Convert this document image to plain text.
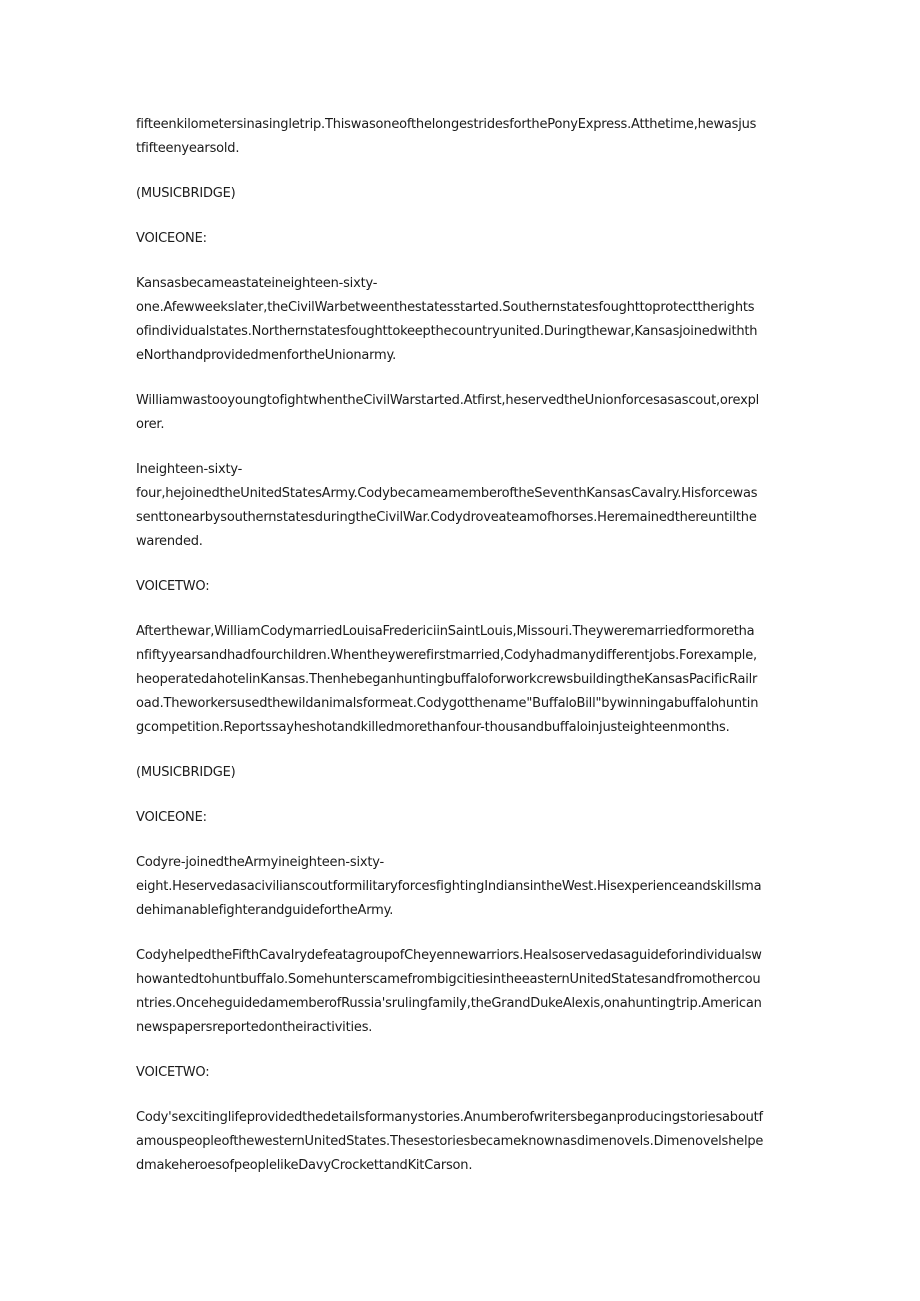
fifteenkilometersinasingletrip.ThiswasoneofthelongestridesforthePonyExpress.Atthetime,hewasjus
tfifteenyearsold.

(MUSICBRIDGE)

VOICEONE:

Kansasbecameastateineighteen-sixty-
one.Afewweekslater,theCivilWarbetweenthestatesstarted.Southernstatesfoughttoprotecttherights
ofindividualstates.Northernstatesfoughttokeepthecountryunited.Duringthewar,Kansasjoinedwithth
eNorthandprovidedmenfortheUnionarmy.

WilliamwastooyoungtofightwhentheCivilWarstarted.Atfirst,heservedtheUnionforcesasascout,orexpl
orer.

Ineighteen-sixty-
four,hejoinedtheUnitedStatesArmy.CodybecameamemberoftheSeventhKansasCavalry.Hisforcewas
senttonearbysouthernstatesduringtheCivilWar.Codydroveateamofhorses.Heremainedthereuntilthe
warended.

VOICETWO:

Afterthewar,WilliamCodymarriedLouisaFredericiinSaintLouis,Missouri.Theyweremarriedformoretha
nfiftyyearsandhadfourchildren.Whentheywerefirstmarried,Codyhadmanydifferentjobs.Forexample,
heoperatedahotelinKansas.ThenhebeganhuntingbuffaloforworkcrewsbuildingtheKansasPacificRailr
oad.Theworkersusedthewildanimalsformeat.Codygotthename"BuffaloBill"bywinningabuffalohuntin
gcompetition.Reportssayheshotandkilledmorethanfour-thousandbuffaloinjusteighteenmonths.

(MUSICBRIDGE)

VOICEONE:

Codyre-joinedtheArmyineighteen-sixty-
eight.HeservedasacivilianscoutformilitaryforcesfightingIndiansintheWest.Hisexperienceandskillsma
dehimanablefighterandguidefortheArmy.

CodyhelpedtheFifthCavalrydefeatagroupofCheyennewarriors.Healsoservedasaguideforindividualsw
howantedtohuntbuffalo.SomehunterscamefrombigcitiesintheeasternUnitedStatesandfromothercou
ntries.OnceheguidedamemberofRussia'srulingfamily,theGrandDukeAlexis,onahuntingtrip.American
newspapersreportedontheiractivities.

VOICETWO:

Cody'sexcitinglifeprovidedthedetailsformanystories.Anumberofwritersbeganproducingstoriesaboutf
amouspeopleofthewesternUnitedStates.Thesestoriesbecameknownasdimenovels.Dimenovelshelpe
dmakeheroesofpeoplelikeDavyCrockettandKitCarson.
